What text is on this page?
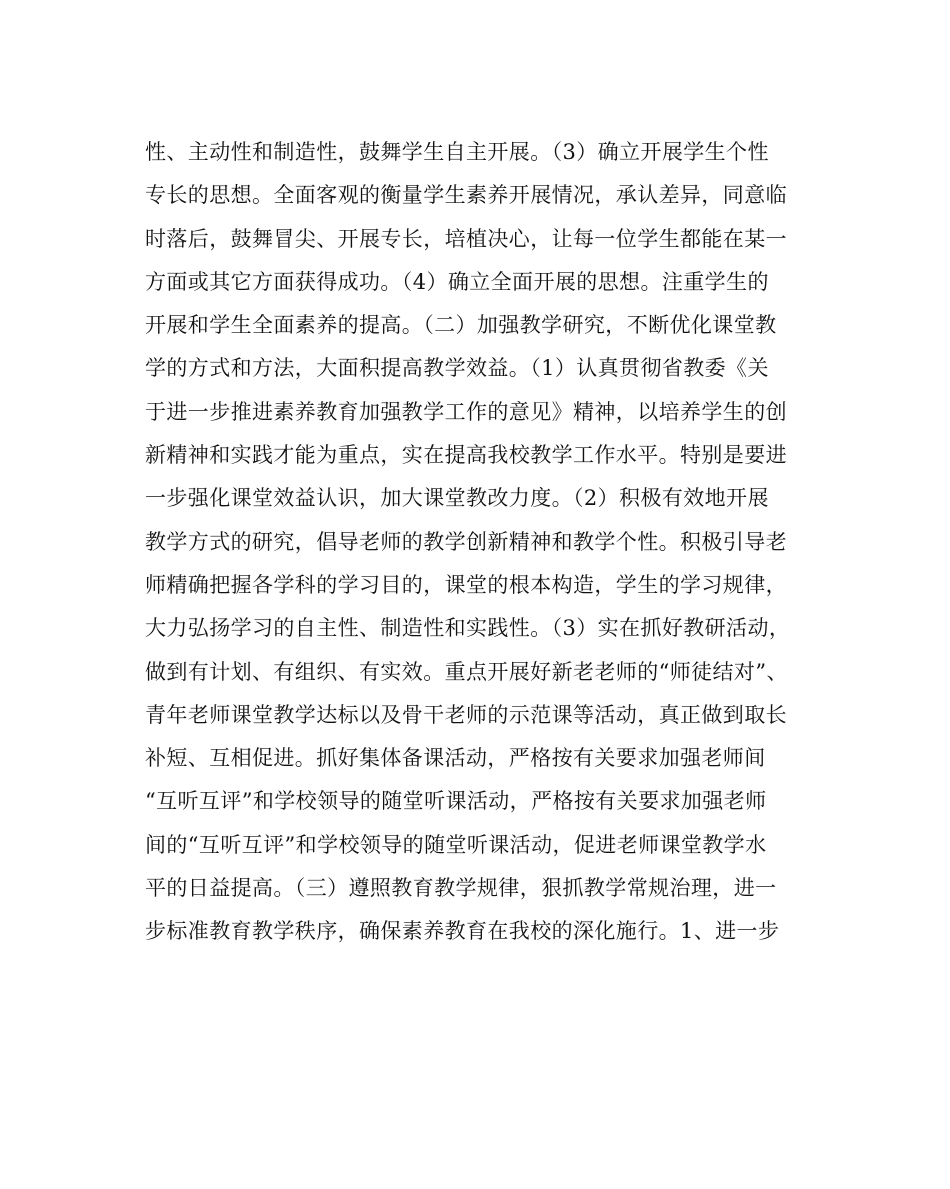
性、主动性和制造性，鼓舞学生自主开展。（3）确立开展学生个性
专长的思想。全面客观的衡量学生素养开展情况，承认差异，同意临
时落后，鼓舞冒尖、开展专长，培植决心，让每一位学生都能在某一
方面或其它方面获得成功。（4）确立全面开展的思想。注重学生的
开展和学生全面素养的提高。（二）加强教学研究，不断优化课堂教
学的方式和方法，大面积提高教学效益。（1）认真贯彻省教委《关
于进一步推进素养教育加强教学工作的意见》精神，以培养学生的创
新精神和实践才能为重点，实在提高我校教学工作水平。特别是要进
一步强化课堂效益认识，加大课堂教改力度。（2）积极有效地开展
教学方式的研究，倡导老师的教学创新精神和教学个性。积极引导老
师精确把握各学科的学习目的，课堂的根本构造，学生的学习规律，
大力弘扬学习的自主性、制造性和实践性。（3）实在抓好教研活动，
做到有计划、有组织、有实效。重点开展好新老老师的“师徒结对”、
青年老师课堂教学达标以及骨干老师的示范课等活动，真正做到取长
补短、互相促进。抓好集体备课活动，严格按有关要求加强老师间
“互听互评”和学校领导的随堂听课活动，严格按有关要求加强老师
间的“互听互评”和学校领导的随堂听课活动，促进老师课堂教学水
平的日益提高。（三）遵照教育教学规律，狠抓教学常规治理，进一
步标准教育教学秩序，确保素养教育在我校的深化施行。1、进一步
